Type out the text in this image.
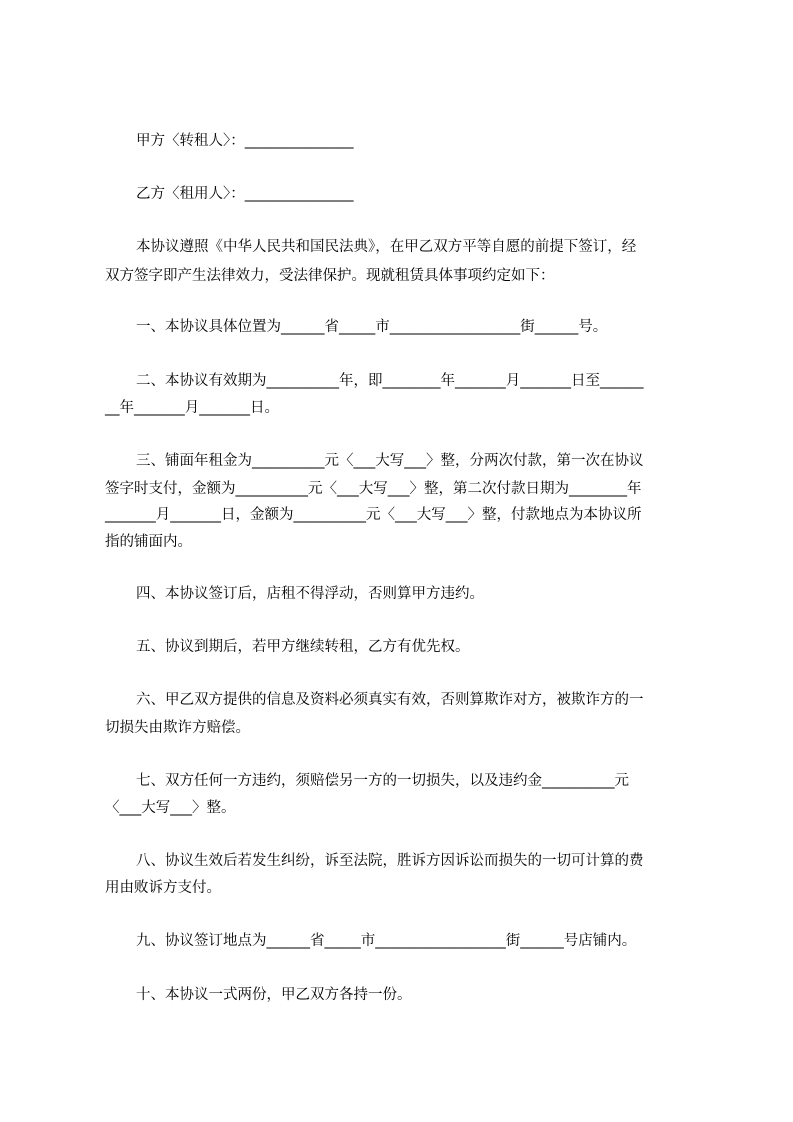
甲方〈转租人〉：_______________
乙方〈租用人〉：_______________
本协议遵照《中华人民共和国民法典》，在甲乙双方平等自愿的前提下签订，经
双方签字即产生法律效力，受法律保护。现就租赁具体事项约定如下：
一、本协议具体位置为______省_____市__________________街______号。
二、本协议有效期为__________年，即________年_______月_______日至______
__年_______月_______日。
三、铺面年租金为__________元〈___大写___〉整，分两次付款，第一次在协议
签字时支付，金额为__________元〈___大写___〉整，第二次付款日期为________年
_______月_______日，金额为__________元〈___大写___〉整，付款地点为本协议所
指的铺面内。
四、本协议签订后，店租不得浮动，否则算甲方违约。
五、协议到期后，若甲方继续转租，乙方有优先权。
六、甲乙双方提供的信息及资料必须真实有效，否则算欺诈对方，被欺诈方的一
切损失由欺诈方赔偿。
七、双方任何一方违约，须赔偿另一方的一切损失，以及违约金__________元
〈___大写___〉整。
八、协议生效后若发生纠纷，诉至法院，胜诉方因诉讼而损失的一切可计算的费
用由败诉方支付。
九、协议签订地点为______省_____市__________________街______号店铺内。
十、本协议一式两份，甲乙双方各持一份。
